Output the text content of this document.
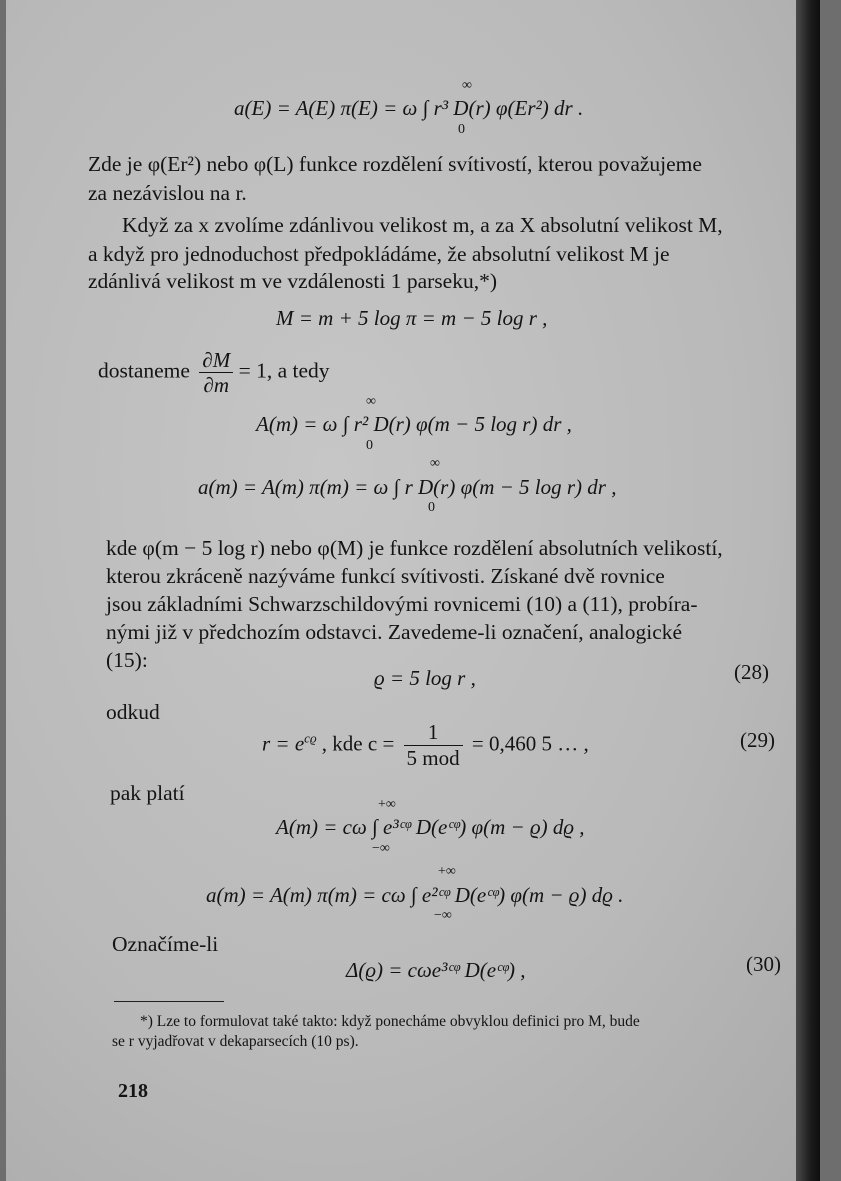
a(E) = A(E) π(E) = ω ∫ r³ D(r) φ(Er²) dr .
∞
0
Zde je φ(Er²) nebo φ(L) funkce rozdělení svítivostí, kterou považujeme
za nezávislou na r.
Když za x zvolíme zdánlivou velikost m, a za X absolutní velikost M,
a když pro jednoduchost předpokládáme, že absolutní velikost M je
zdánlivá velikost m ve vzdálenosti 1 parseku,*)
M = m + 5 log π = m − 5 log r ,
dostaneme $\frac{\partial M}{\partial m} = 1$, a tedy
A(m) = ω ∫ r² D(r) φ(m − 5 log r) dr ,
∞
0
a(m) = A(m) π(m) = ω ∫ r D(r) φ(m − 5 log r) dr ,
∞
0
kde φ(m − 5 log r) nebo φ(M) je funkce rozdělení absolutních velikostí,
kterou zkráceně nazýváme funkcí svítivosti. Získané dvě rovnice
jsou základními Schwarzschildovými rovnicemi (10) a (11), probíra-
nými již v předchozím odstavci. Zavedeme-li označení, analogické
(15):
ϱ = 5 log r ,	(28)
odkud
$r = e^{cϱ}$ , kde $c = \frac{1}{\text{5 mod}} = 0,460$ 5 … ,	(29)
pak platí
A(m) = cω ∫ e³ᶜᵠ D(eᶜᵠ) φ(m − ϱ) dϱ ,
+∞
−∞
a(m) = A(m) π(m) = cω ∫ e²ᶜᵠ D(eᶜᵠ) φ(m − ϱ) dϱ .
+∞
−∞
Označíme-li
Δ(ϱ) = cωe³ᶜᵠ D(eᶜᵠ) ,	(30)
*) Lze to formulovat také takto: když ponecháme obvyklou definici pro M, bude
se r vyjadřovat v dekaparsecích (10 ps).
218
